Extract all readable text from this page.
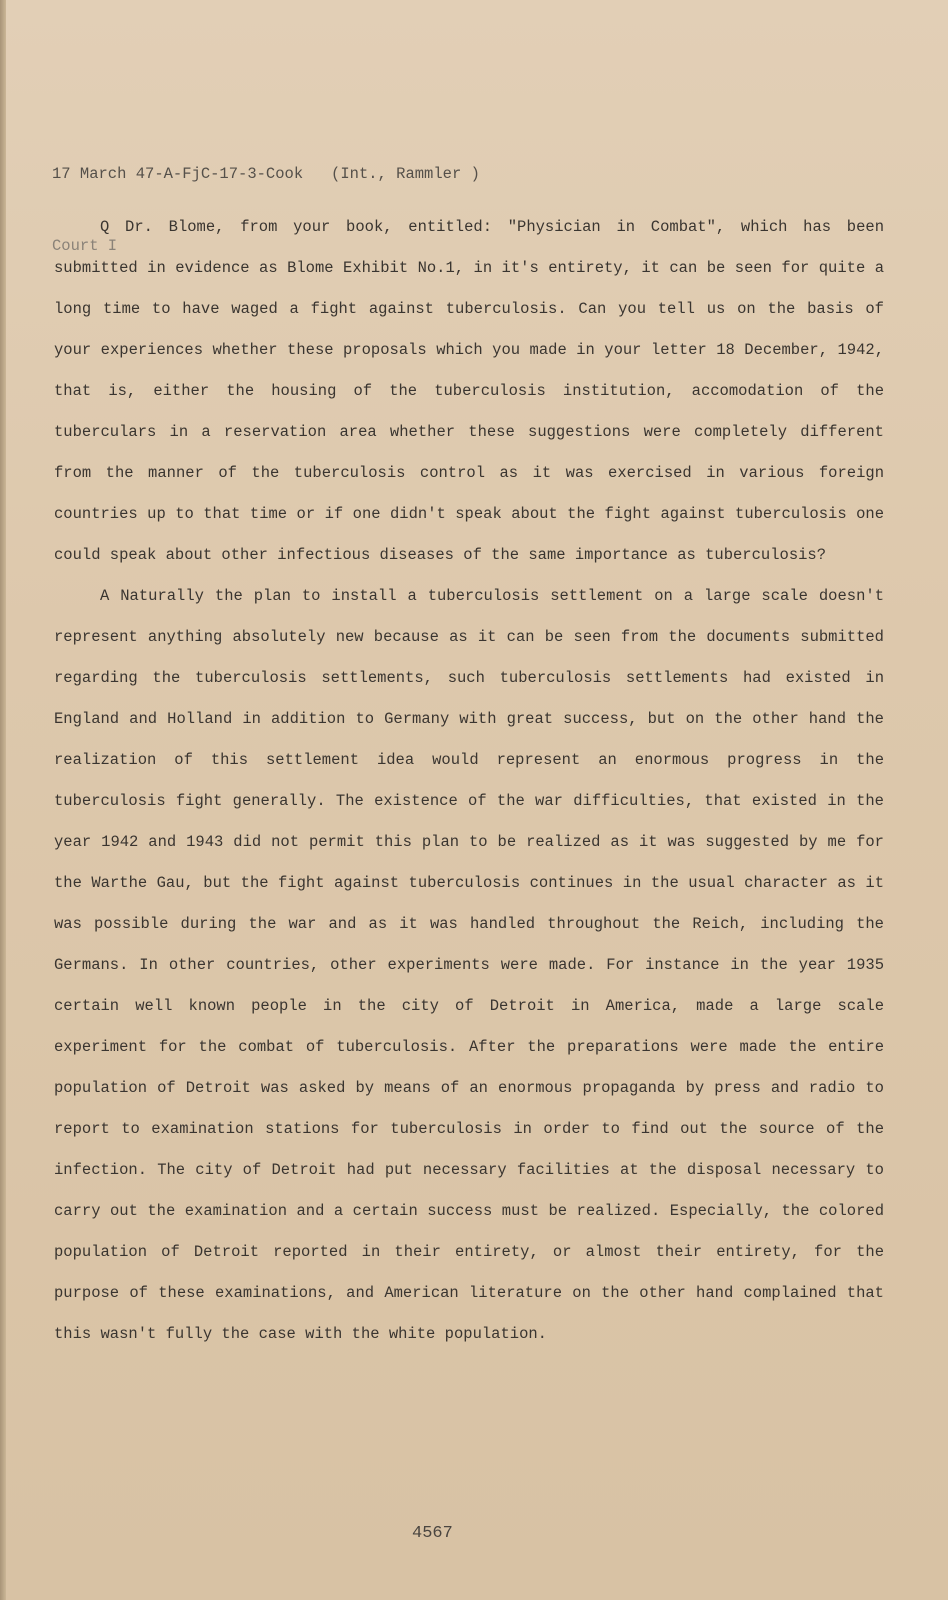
17 March 47-A-FjC-17-3-Cook   (Int., Rammler )

Court I

Q Dr. Blome, from your book, entitled: "Physician in Combat", which has been submitted in evidence as Blome Exhibit No.1, in it's entirety, it can be seen for quite a long time to have waged a fight against tuberculosis. Can you tell us on the basis of your experiences whether these proposals which you made in your letter 18 December, 1942, that is, either the housing of the tuberculosis institution, accomodation of the tuberculars in a reservation area whether these suggestions were completely different from the manner of the tuberculosis control as it was exercised in various foreign countries up to that time or if one didn't speak about the fight against tuberculosis one could speak about other infectious diseases of the same importance as tuberculosis?

A Naturally the plan to install a tuberculosis settlement on a large scale doesn't represent anything absolutely new because as it can be seen from the documents submitted regarding the tuberculosis settlements, such tuberculosis settlements had existed in England and Holland in addition to Germany with great success, but on the other hand the realization of this settlement idea would represent an enormous progress in the tuberculosis fight generally. The existence of the war difficulties, that existed in the year 1942 and 1943 did not permit this plan to be realized as it was suggested by me for the Warthe Gau, but the fight against tuberculosis continues in the usual character as it was possible during the war and as it was handled throughout the Reich, including the Germans. In other countries, other experiments were made. For instance in the year 1935 certain well known people in the city of Detroit in America, made a large scale experiment for the combat of tuberculosis. After the preparations were made the entire population of Detroit was asked by means of an enormous propaganda by press and radio to report to examination stations for tuberculosis in order to find out the source of the infection. The city of Detroit had put necessary facilities at the disposal necessary to carry out the examination and a certain success must be realized. Especially, the colored population of Detroit reported in their entirety, or almost their entirety, for the purpose of these examinations, and American literature on the other hand complained that this wasn't fully the case with the white population.

4567
